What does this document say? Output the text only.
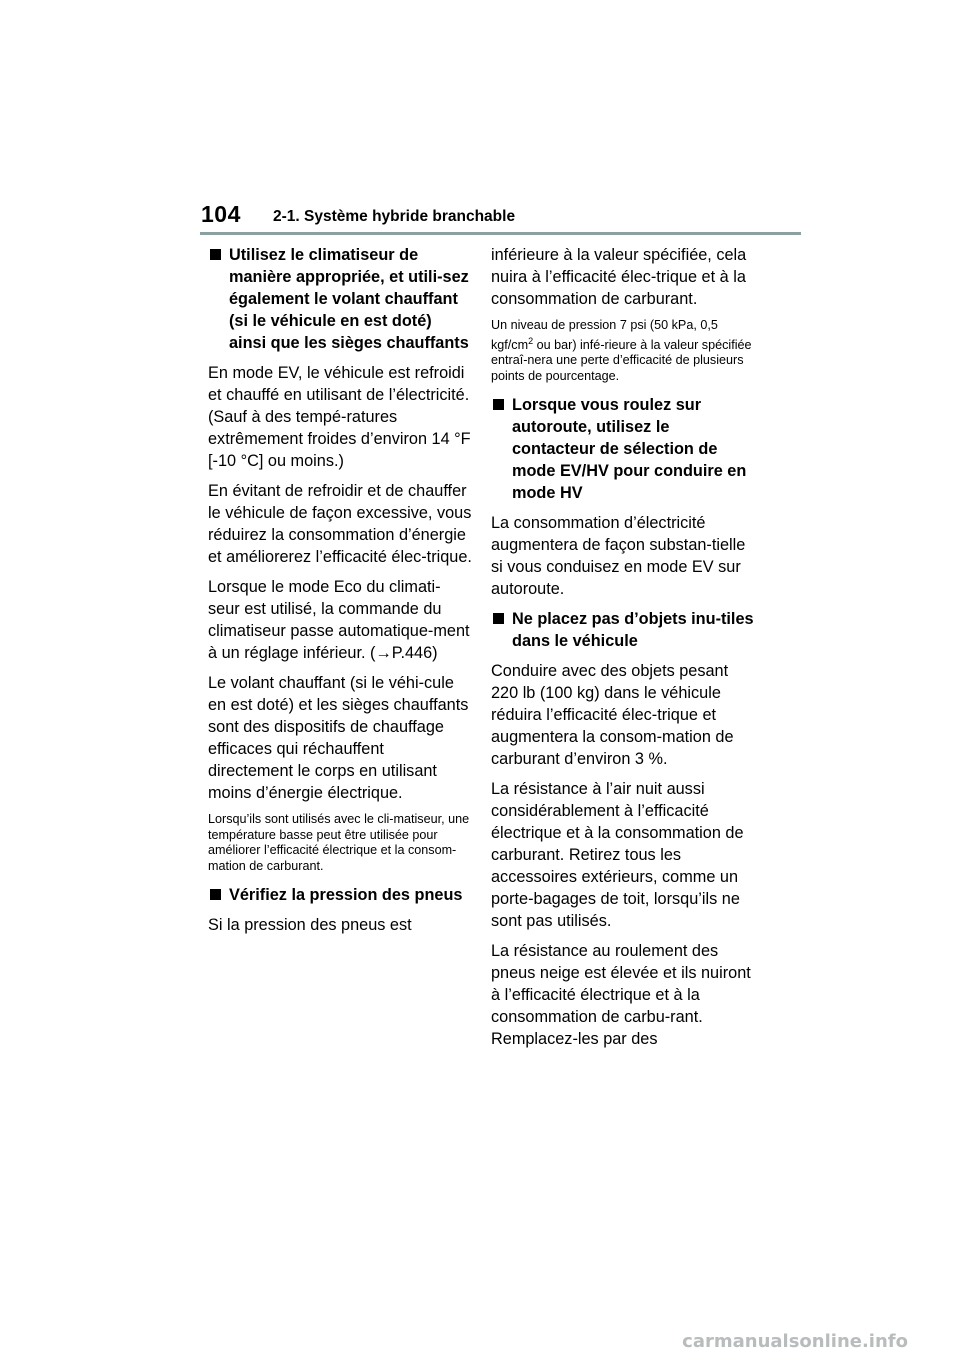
104 2-1. Système hybride branchable
Utilisez le climatiseur de manière appropriée, et utili-sez également le volant chauffant (si le véhicule en est doté) ainsi que les sièges chauffants

En mode EV, le véhicule est refroidi et chauffé en utilisant de l’électricité. (Sauf à des tempé-ratures extrêmement froides d’environ 14 °F [-10 °C] ou moins.)

En évitant de refroidir et de chauffer le véhicule de façon excessive, vous réduirez la consommation d’énergie et améliorerez l’efficacité élec-trique.

Lorsque le mode Eco du climati-seur est utilisé, la commande du climatiseur passe automatique-ment à un réglage inférieur. (→P.446)

Le volant chauffant (si le véhi-cule en est doté) et les sièges chauffants sont des dispositifs de chauffage efficaces qui réchauffent directement le corps en utilisant moins d’énergie électrique.

Lorsqu’ils sont utilisés avec le cli-matiseur, une température basse peut être utilisée pour améliorer l’efficacité électrique et la consom-mation de carburant.

Vérifiez la pression des pneus

Si la pression des pneus est

inférieure à la valeur spécifiée, cela nuira à l’efficacité élec-trique et à la consommation de carburant.

Un niveau de pression 7 psi (50 kPa, 0,5 kgf/$cm^2$ ou bar) infé-rieure à la valeur spécifiée entraî-nera une perte d’efficacité de plusieurs points de pourcentage.

Lorsque vous roulez sur autoroute, utilisez le contacteur de sélection de mode EV/HV pour conduire en mode HV

La consommation d’électricité augmentera de façon substan-tielle si vous conduisez en mode EV sur autoroute.

Ne placez pas d’objets inu-tiles dans le véhicule

Conduire avec des objets pesant 220 lb (100 kg) dans le véhicule réduira l’efficacité élec-trique et augmentera la consom-mation de carburant d’environ 3 %.

La résistance à l’air nuit aussi considérablement à l’efficacité électrique et à la consommation de carburant. Retirez tous les accessoires extérieurs, comme un porte-bagages de toit, lorsqu’ils ne sont pas utilisés.

La résistance au roulement des pneus neige est élevée et ils nuiront à l’efficacité électrique et à la consommation de carbu-rant. Remplacez-les par des

carmanualsonline.info
